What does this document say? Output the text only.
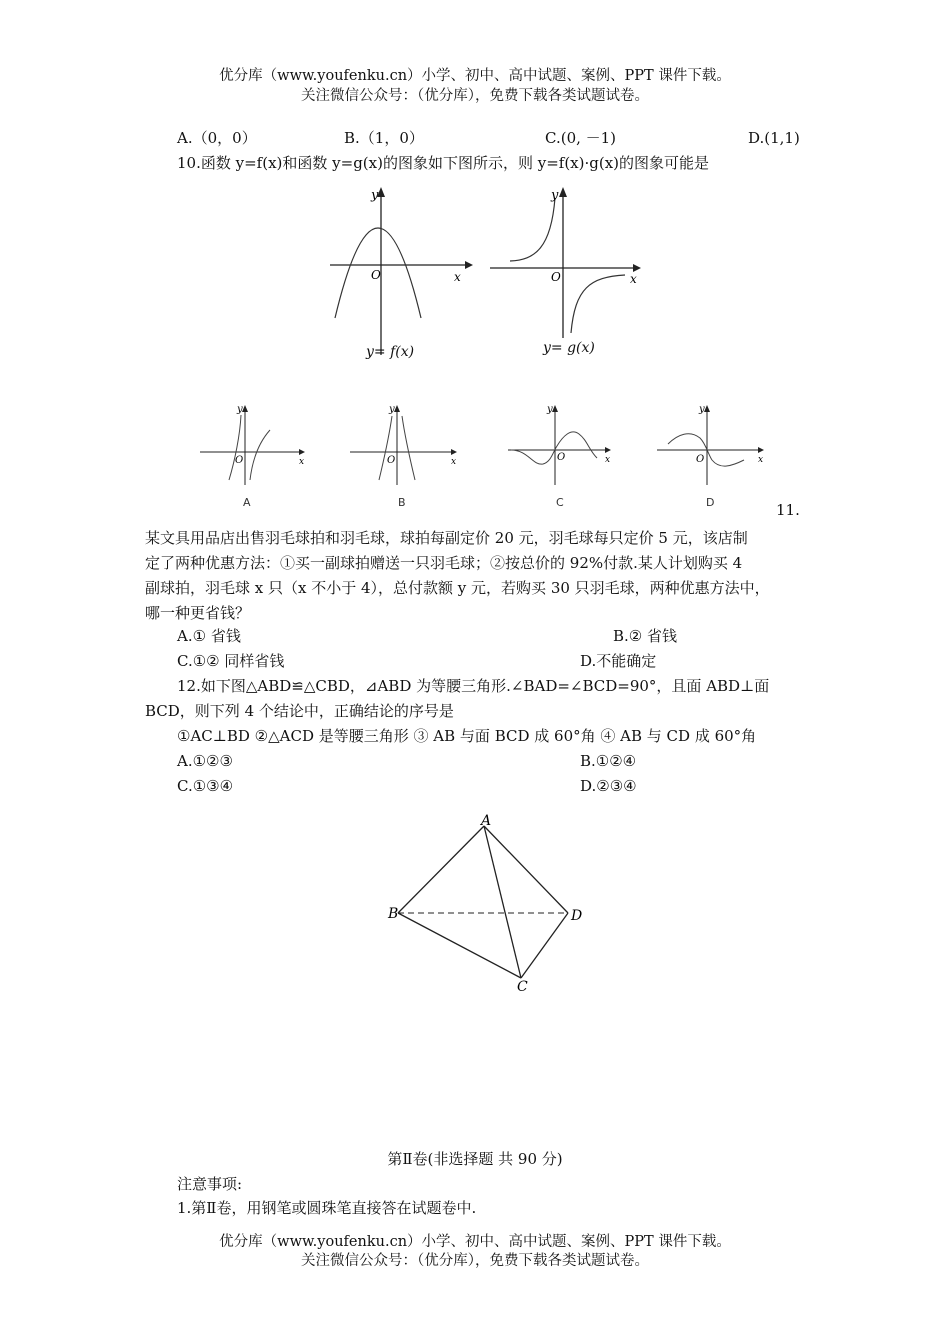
优分库（www.youfenku.cn）小学、初中、高中试题、案例、PPT 课件下载。
关注微信公众号：（优分库），免费下载各类试题试卷。
A.（0，0）	B.（1，0）	C.(0, －1)	D.(1,1)
10.函数 y=f(x)和函数 y=g(x)的图象如下图所示，则 y=f(x)·g(x)的图象可能是
y
x
O
y= f(x)
y
x
O
y= g(x)
y
x
O
A
y
x
O
B
y
x
O
C
y
x
O
D	11.
某文具用品店出售羽毛球拍和羽毛球，球拍每副定价 20 元，羽毛球每只定价 5 元，该店制
定了两种优惠方法：①买一副球拍赠送一只羽毛球；②按总价的 92%付款.某人计划购买 4
副球拍，羽毛球 x 只（x 不小于 4），总付款额 y 元，若购买 30 只羽毛球，两种优惠方法中，
哪一种更省钱？
A.① 省钱	B.② 省钱
C.①② 同样省钱	D.不能确定
12.如下图△ABD≌△CBD，⊿ABD 为等腰三角形.∠BAD=∠BCD=90°，且面 ABD⊥面
BCD，则下列 4 个结论中，正确结论的序号是
①AC⊥BD ②△ACD 是等腰三角形 ③ AB 与面 BCD 成 60°角 ④ AB 与 CD 成 60°角
A.①②③	B.①②④
C.①③④	D.②③④
A
B	D
C
第Ⅱ卷(非选择题 共 90 分)
注意事项:
1.第Ⅱ卷，用钢笔或圆珠笔直接答在试题卷中.
优分库（www.youfenku.cn）小学、初中、高中试题、案例、PPT 课件下载。
关注微信公众号：（优分库），免费下载各类试题试卷。
